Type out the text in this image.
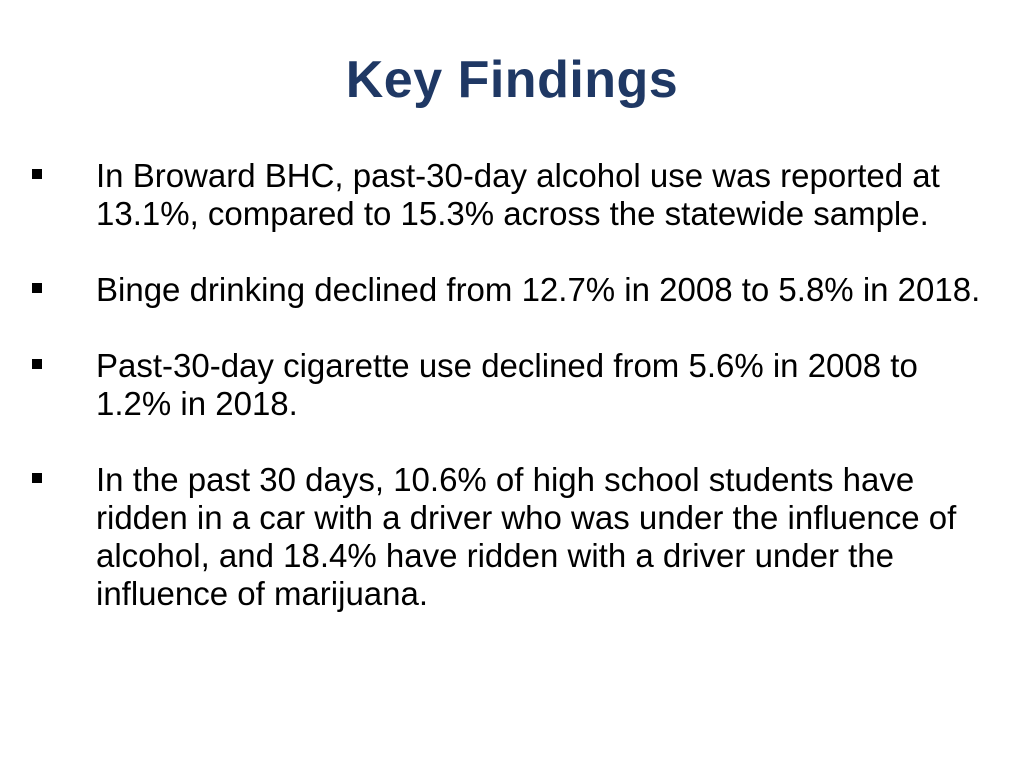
Key Findings
In Broward BHC, past-30-day alcohol use was reported at 13.1%, compared to 15.3% across the statewide sample.
Binge drinking declined from 12.7% in 2008 to 5.8% in 2018.
Past-30-day cigarette use declined from 5.6% in 2008 to 1.2% in 2018.
In the past 30 days, 10.6% of high school students have ridden in a car with a driver who was under the influence of alcohol, and 18.4% have ridden with a driver under the influence of marijuana.
